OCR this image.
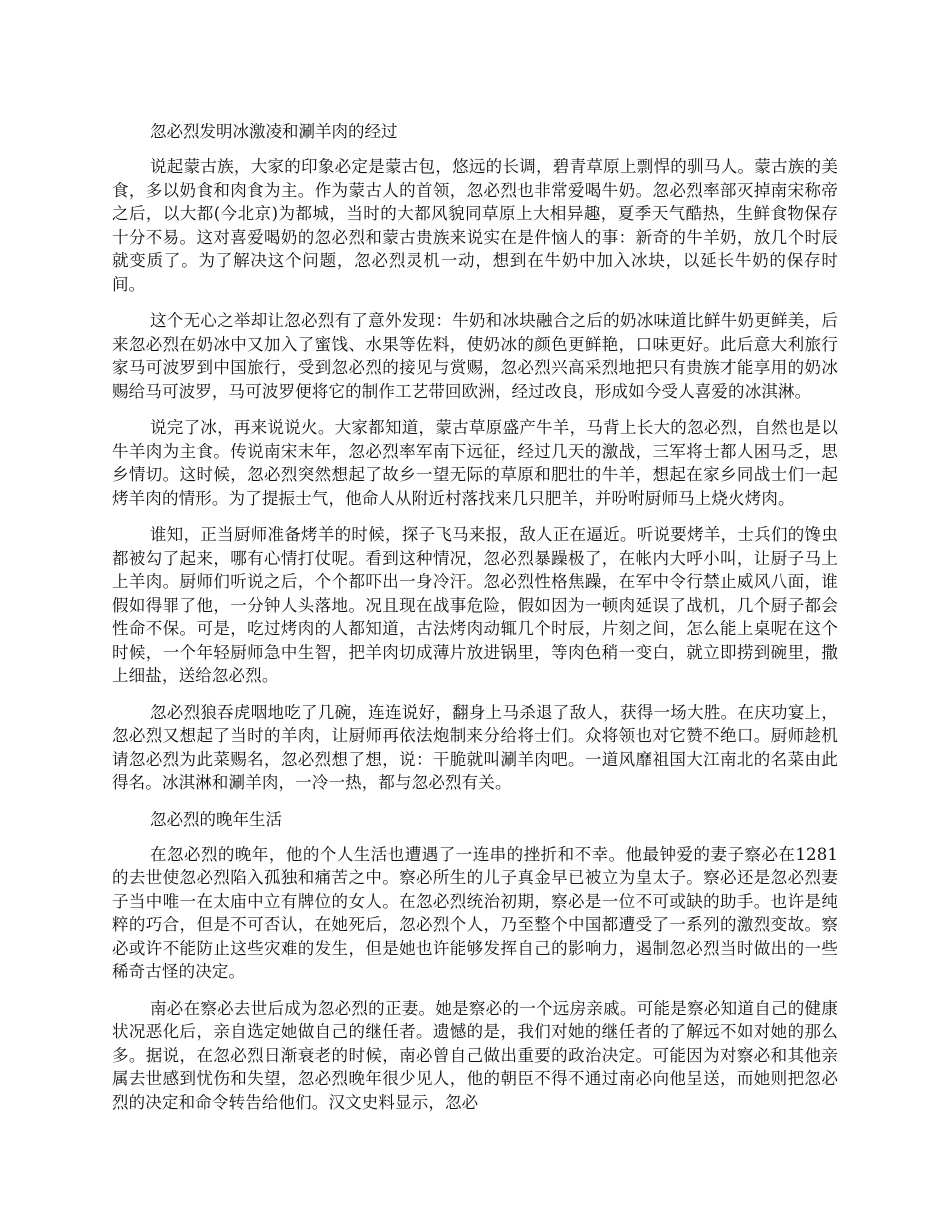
忽必烈发明冰激凌和涮羊肉的经过

说起蒙古族，大家的印象必定是蒙古包，悠远的长调，碧青草原上剽悍的驯马人。蒙古族的美食，多以奶食和肉食为主。作为蒙古人的首领，忽必烈也非常爱喝牛奶。忽必烈率部灭掉南宋称帝之后，以大都(今北京)为都城，当时的大都风貌同草原上大相异趣，夏季天气酷热，生鲜食物保存十分不易。这对喜爱喝奶的忽必烈和蒙古贵族来说实在是件恼人的事：新奇的牛羊奶，放几个时辰就变质了。为了解决这个问题，忽必烈灵机一动，想到在牛奶中加入冰块，以延长牛奶的保存时间。

这个无心之举却让忽必烈有了意外发现：牛奶和冰块融合之后的奶冰味道比鲜牛奶更鲜美，后来忽必烈在奶冰中又加入了蜜饯、水果等佐料，使奶冰的颜色更鲜艳，口味更好。此后意大利旅行家马可波罗到中国旅行，受到忽必烈的接见与赏赐，忽必烈兴高采烈地把只有贵族才能享用的奶冰赐给马可波罗，马可波罗便将它的制作工艺带回欧洲，经过改良，形成如今受人喜爱的冰淇淋。

说完了冰，再来说说火。大家都知道，蒙古草原盛产牛羊，马背上长大的忽必烈，自然也是以牛羊肉为主食。传说南宋末年，忽必烈率军南下远征，经过几天的激战，三军将士都人困马乏，思乡情切。这时候，忽必烈突然想起了故乡一望无际的草原和肥壮的牛羊，想起在家乡同战士们一起烤羊肉的情形。为了提振士气，他命人从附近村落找来几只肥羊，并吩咐厨师马上烧火烤肉。

谁知，正当厨师准备烤羊的时候，探子飞马来报，敌人正在逼近。听说要烤羊，士兵们的馋虫都被勾了起来，哪有心情打仗呢。看到这种情况，忽必烈暴躁极了，在帐内大呼小叫，让厨子马上上羊肉。厨师们听说之后，个个都吓出一身冷汗。忽必烈性格焦躁，在军中令行禁止威风八面，谁假如得罪了他，一分钟人头落地。况且现在战事危险，假如因为一顿肉延误了战机，几个厨子都会性命不保。可是，吃过烤肉的人都知道，古法烤肉动辄几个时辰，片刻之间，怎么能上桌呢在这个时候，一个年轻厨师急中生智，把羊肉切成薄片放进锅里，等肉色稍一变白，就立即捞到碗里，撒上细盐，送给忽必烈。

忽必烈狼吞虎咽地吃了几碗，连连说好，翻身上马杀退了敌人，获得一场大胜。在庆功宴上，忽必烈又想起了当时的羊肉，让厨师再依法炮制来分给将士们。众将领也对它赞不绝口。厨师趁机请忽必烈为此菜赐名，忽必烈想了想，说：干脆就叫涮羊肉吧。一道风靡祖国大江南北的名菜由此得名。冰淇淋和涮羊肉，一冷一热，都与忽必烈有关。

忽必烈的晚年生活

在忽必烈的晚年，他的个人生活也遭遇了一连串的挫折和不幸。他最钟爱的妻子察必在1281的去世使忽必烈陷入孤独和痛苦之中。察必所生的儿子真金早已被立为皇太子。察必还是忽必烈妻子当中唯一在太庙中立有牌位的女人。在忽必烈统治初期，察必是一位不可或缺的助手。也许是纯粹的巧合，但是不可否认，在她死后，忽必烈个人，乃至整个中国都遭受了一系列的激烈变故。察必或许不能防止这些灾难的发生，但是她也许能够发挥自己的影响力，遏制忽必烈当时做出的一些稀奇古怪的决定。

南必在察必去世后成为忽必烈的正妻。她是察必的一个远房亲戚。可能是察必知道自己的健康状况恶化后，亲自选定她做自己的继任者。遗憾的是，我们对她的继任者的了解远不如对她的那么多。据说，在忽必烈日渐衰老的时候，南必曾自己做出重要的政治决定。可能因为对察必和其他亲属去世感到忧伤和失望，忽必烈晚年很少见人，他的朝臣不得不通过南必向他呈送，而她则把忽必烈的决定和命令转告给他们。汉文史料显示，忽必
